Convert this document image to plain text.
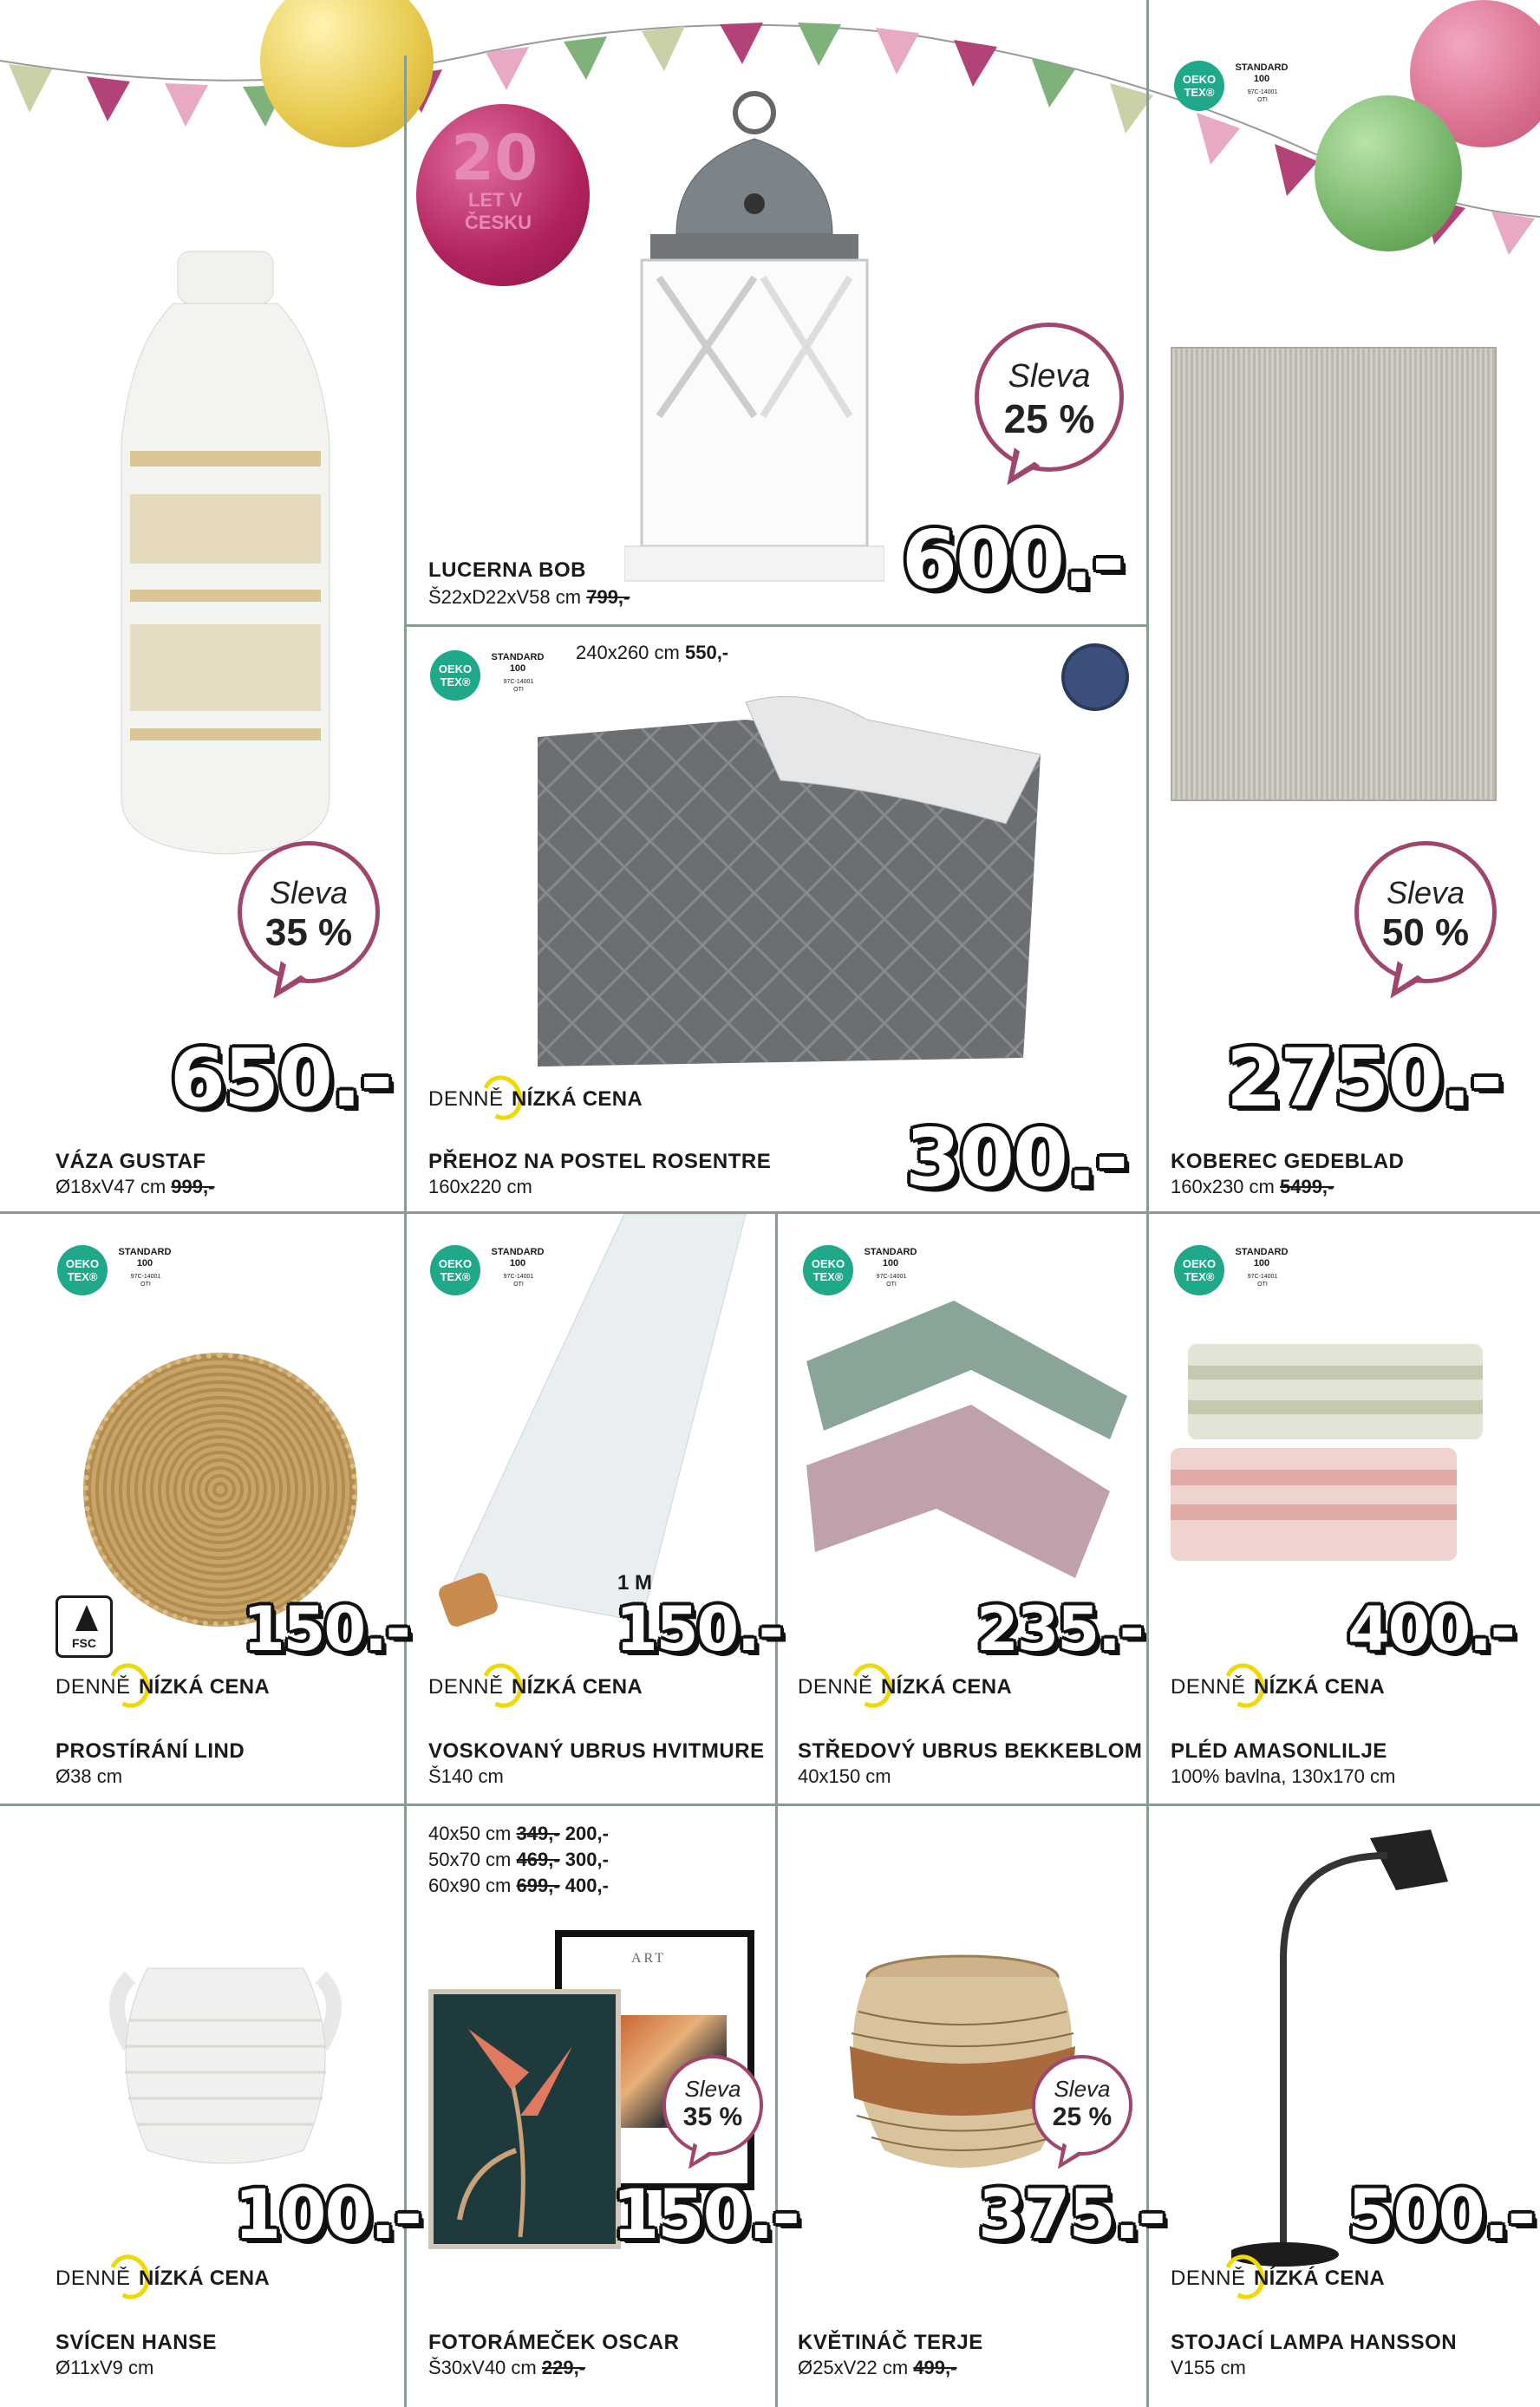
20
LET V
ČESKU
Sleva
35 %
650.-
VÁZA GUSTAF
Ø18xV47 cm 999,-
Sleva
25 %
600.-
LUCERNA BOB
Š22xD22xV58 cm 799,-
OEKO
TEX®
STANDARD
100
97C-14001
OTI
240x260 cm 550,-
DENNĚ NÍZKÁ CENA
300.-
PŘEHOZ NA POSTEL ROSENTRE
160x220 cm
OEKO
TEX®
STANDARD
100
97C-14001
OTI
Sleva
50 %
2750.-
KOBEREC GEDEBLAD
160x230 cm 5499,-
OEKO
TEX®
STANDARD
100
97C-14001
OTI
FSC 150.-
DENNĚ NÍZKÁ CENA
PROSTÍRÁNÍ LIND
Ø38 cm
OEKO
TEX®
STANDARD
100
97C-14001
OTI
1 M
150.-
DENNĚ NÍZKÁ CENA
VOSKOVANÝ UBRUS HVITMURE
Š140 cm
OEKO
TEX®
STANDARD
100
97C-14001
OTI
235.-
DENNĚ NÍZKÁ CENA
STŘEDOVÝ UBRUS BEKKEBLOM
40x150 cm
OEKO
TEX®
STANDARD
100
97C-14001
OTI
400.-
DENNĚ NÍZKÁ CENA
PLÉD AMASONLILJE
100% bavlna, 130x170 cm
100.-
DENNĚ NÍZKÁ CENA
SVÍCEN HANSE
Ø11xV9 cm
40x50 cm 349,- 200,-
50x70 cm 469,- 300,-
60x90 cm 699,- 400,-
ART
Sleva
35 %
150.-
FOTORÁMEČEK OSCAR
Š30xV40 cm 229,-
Sleva
25 %
375.-
KVĚTINÁČ TERJE
Ø25xV22 cm 499,-
500.-
DENNĚ NÍZKÁ CENA
STOJACÍ LAMPA HANSSON
V155 cm
